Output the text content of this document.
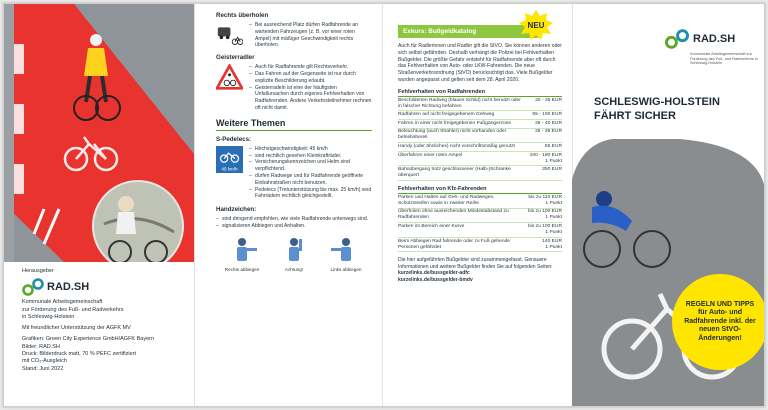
Herausgeber
RAD.SH
Kommunale Arbeitsgemeinschaft
zur Förderung des Fuß- und Radverkehrs
in Schleswig-Holstein
Mit freundlicher Unterstützung der AGFK MV
Grafiken: Green City Experience GmbH/AGFK Bayern
Bilder: RAD.SH
Druck: Bilderdruck matt, 70 % PEFC zertifiziert
mit CO₂-Ausgleich
Stand: Juni 2022
Rechts überholen
– Bei ausreichend Platz dürfen Radfahrende an wartenden Fahrzeugen (z. B. vor einer roten Ampel) mit mäßiger Geschwindigkeit rechts überholen.
Geisterradler
– Auch für Radfahrende gilt Rechtsverkehr.
– Das Fahren auf der Gegenseite ist nur durch explizite Beschilderung erlaubt.
– Geisterradeln ist eine der häufigsten Unfallursachen durch eigenes Fehlverhalten von Radfahrenden. Andere Verkehrsteilnehmer rechnen oft nicht damit.
Weitere Themen
S-Pedelecs:
45 km/h
– Höchstgeschwindigkeit: 45 km/h
– sind rechtlich gesehen Kleinkrafträder.
– Versicherungskennzeichen und Helm sind verpflichtend.
– dürfen Radwege und für Radfahrende geöffnete Einbahnstraßen nicht benutzen.
– Pedelecs (Tretunterstützung bis max. 25 km/h) sind Fahrrädern rechtlich gleichgestellt.
Handzeichen:
– sind dringend empfohlen, wie viele Radfahrende unterwegs sind.
– signalisieren Abbiegen und Anhalten.
Rechts abbiegen	Achtung!	Links abbiegen
Exkurs: Bußgeldkatalog
NEU
Auch für Radlerinnen und Radler gilt die StVO. Sie können anderen oder sich selbst gefährden. Deshalb verhängt die Polizei bei Fehlverhalten Bußgelder. Die größte Gefahr entsteht für Radfahrende aber oft durch das Fehlverhalten von Auto- oder LKW-Fahrenden. Die neue Straßenverkehrsordnung (StVO) berücksichtigt das. Viele Bußgelder wurden angepasst und gelten seit dem 28. April 2020.
Fehlverhalten von Radfahrenden
Beschilderten Radweg (blaues Schild) nicht benutzt oder in falscher Richtung befahren	20 - 35 EUR
Radfahren auf nicht freigegebenem Gehweg	55 - 100 EUR
Fahren in einer nicht freigegebenen Fußgängerzone	25 - 40 EUR
Beleuchtung (auch Strahler) nicht vorhanden oder betriebsbereit	25 - 35 EUR
Handy (oder ähnliches) nicht vorschriftsmäßig genutzt	55 EUR
Überfahren einer roten Ampel	100 - 180 EUR
1 Punkt
Bahnübergang trotz geschlossener (Halb-)Schranke überquert	350 EUR
Fehlverhalten von Kfz-Fahrenden
Parken und Halten auf Geh- und Radwegen, Schutzstreifen sowie in zweiter Reihe	bis zu 110 EUR
1 Punkt
Überholen ohne ausreichenden Mindestabstand zu Radfahrenden	bis zu 100 EUR
1 Punkt
Parken im Bereich einer Kurve	bis zu 100 EUR
1 Punkt
Beim Abbiegen Rad fahrende oder zu Fuß gehende Personen gefährdet	140 EUR
1 Punkt
Die hier aufgeführten Bußgelder sind zusammengefasst. Genauere Informationen und weitere Bußgelder finden Sie auf folgenden Seiten:
kurzelinks.de/bussgelder-adfc
kurzelinks.de/bussgelder-bmdv
RAD.SH
Kommunale Arbeitsgemeinschaft zur Förderung des Fuß- und Radverkehrs in Schleswig-Holstein
SCHLESWIG-HOLSTEIN
FÄHRT SICHER
REGELN UND TIPPS für Auto- und Radfahrende inkl. der neuen StVO-Änderungen!
